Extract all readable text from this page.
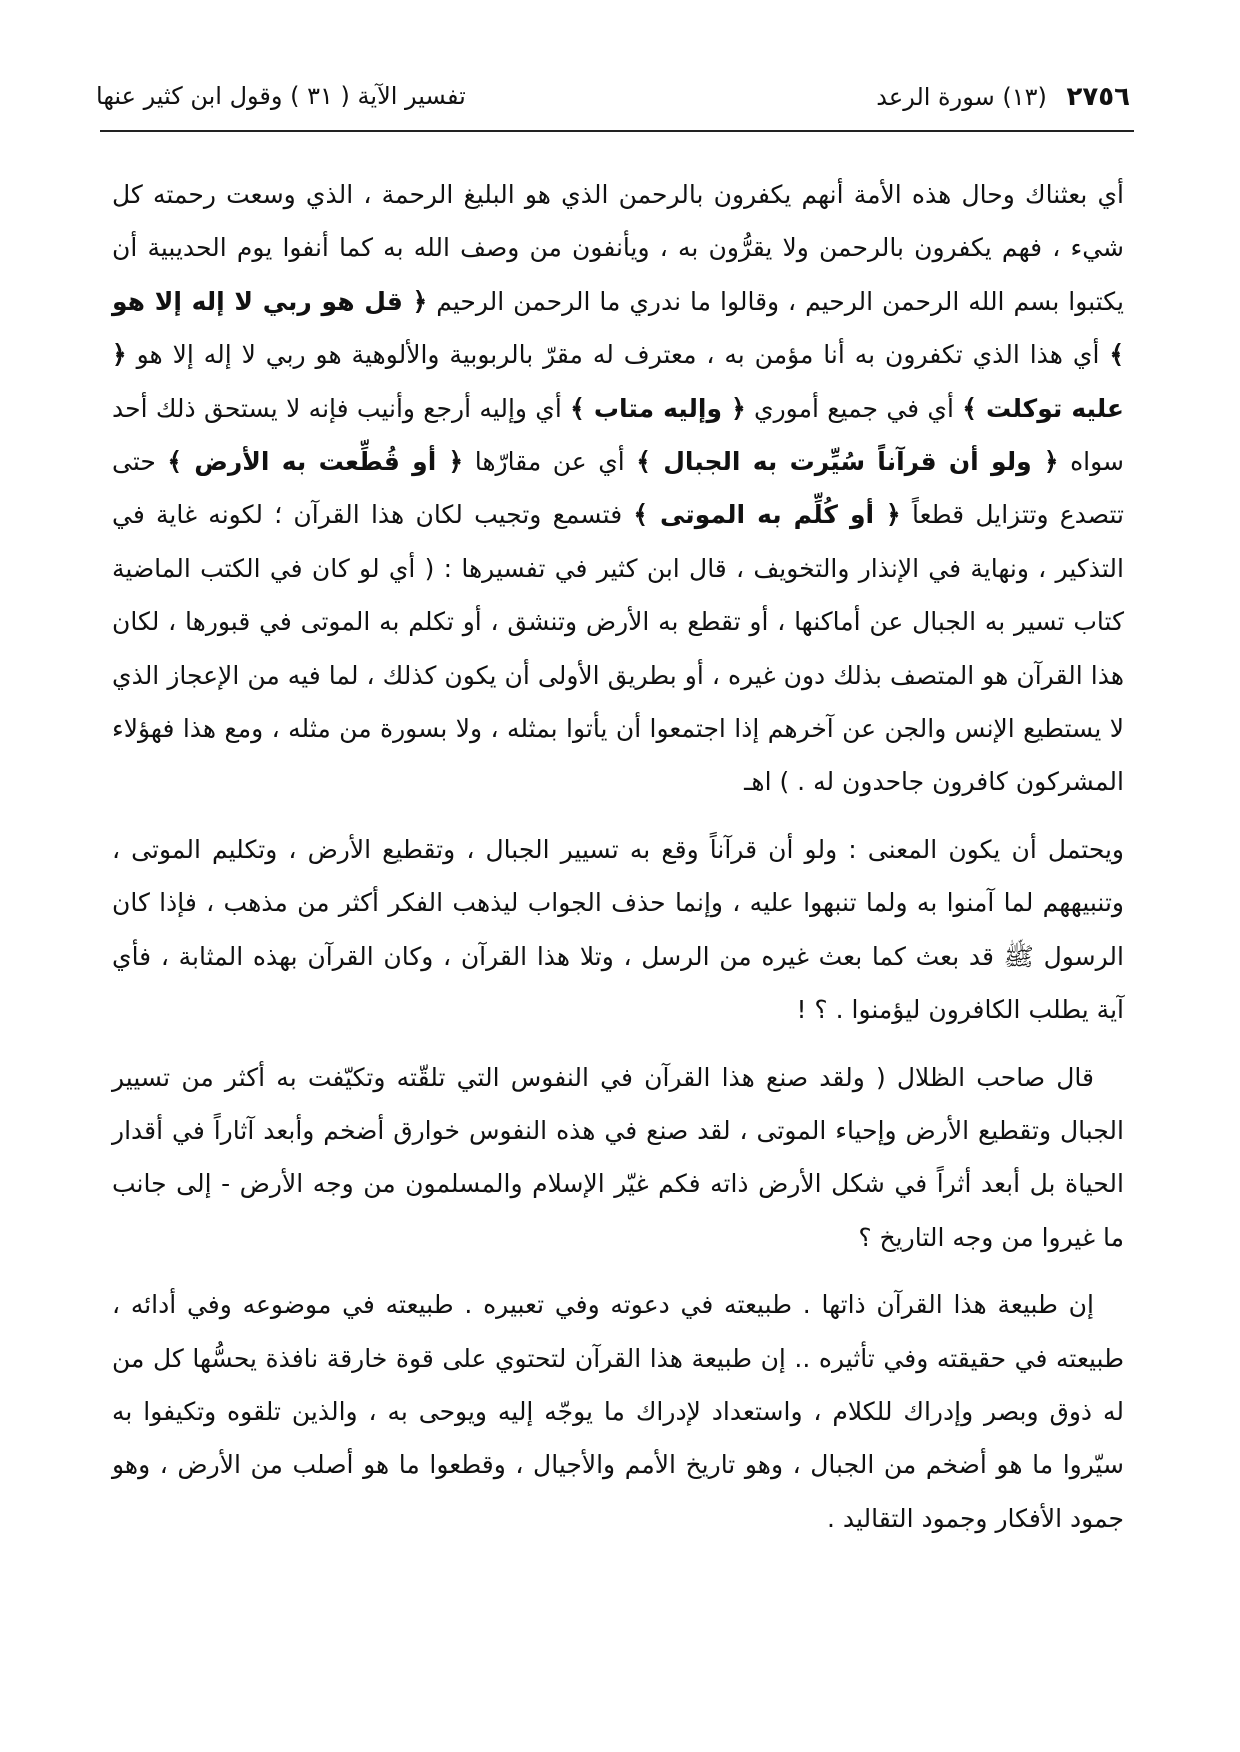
٢٧٥٦ (١٣) سورة الرعد
تفسير الآية ( ٣١ ) وقول ابن كثير عنها

أي بعثناك وحال هذه الأمة أنهم يكفرون بالرحمن الذي هو البليغ الرحمة ، الذي وسعت رحمته كل شيء ، فهم يكفرون بالرحمن ولا يقرُّون به ، ويأنفون من وصف الله به كما أنفوا يوم الحديبية أن يكتبوا بسم الله الرحمن الرحيم ، وقالوا ما ندري ما الرحمن الرحيم ﴿ قل هو ربي لا إله إلا هو ﴾ أي هذا الذي تكفرون به أنا مؤمن به ، معترف له مقرّ بالربوبية والألوهية هو ربي لا إله إلا هو ﴿ عليه توكلت ﴾ أي في جميع أموري ﴿ وإليه متاب ﴾ أي وإليه أرجع وأنيب فإنه لا يستحق ذلك أحد سواه ﴿ ولو أن قرآناً سُيِّرت به الجبال ﴾ أي عن مقارّها ﴿ أو قُطِّعت به الأرض ﴾ حتى تتصدع وتتزايل قطعاً ﴿ أو كُلِّم به الموتى ﴾ فتسمع وتجيب لكان هذا القرآن ؛ لكونه غاية في التذكير ، ونهاية في الإنذار والتخويف ، قال ابن كثير في تفسيرها : ( أي لو كان في الكتب الماضية كتاب تسير به الجبال عن أماكنها ، أو تقطع به الأرض وتنشق ، أو تكلم به الموتى في قبورها ، لكان هذا القرآن هو المتصف بذلك دون غيره ، أو بطريق الأولى أن يكون كذلك ، لما فيه من الإعجاز الذي لا يستطيع الإنس والجن عن آخرهم إذا اجتمعوا أن يأتوا بمثله ، ولا بسورة من مثله ، ومع هذا فهؤلاء المشركون كافرون جاحدون له . ) اهـ

ويحتمل أن يكون المعنى : ولو أن قرآناً وقع به تسيير الجبال ، وتقطيع الأرض ، وتكليم الموتى ، وتنبيههم لما آمنوا به ولما تنبهوا عليه ، وإنما حذف الجواب ليذهب الفكر أكثر من مذهب ، فإذا كان الرسول ﷺ قد بعث كما بعث غيره من الرسل ، وتلا هذا القرآن ، وكان القرآن بهذه المثابة ، فأي آية يطلب الكافرون ليؤمنوا . ؟ !

قال صاحب الظلال ( ولقد صنع هذا القرآن في النفوس التي تلقّته وتكيّفت به أكثر من تسيير الجبال وتقطيع الأرض وإحياء الموتى ، لقد صنع في هذه النفوس خوارق أضخم وأبعد آثاراً في أقدار الحياة بل أبعد أثراً في شكل الأرض ذاته فكم غيّر الإسلام والمسلمون من وجه الأرض - إلى جانب ما غيروا من وجه التاريخ ؟

إن طبيعة هذا القرآن ذاتها . طبيعته في دعوته وفي تعبيره . طبيعته في موضوعه وفي أدائه ، طبيعته في حقيقته وفي تأثيره .. إن طبيعة هذا القرآن لتحتوي على قوة خارقة نافذة يحسُّها كل من له ذوق وبصر وإدراك للكلام ، واستعداد لإدراك ما يوجّه إليه ويوحى به ، والذين تلقوه وتكيفوا به سيّروا ما هو أضخم من الجبال ، وهو تاريخ الأمم والأجيال ، وقطعوا ما هو أصلب من الأرض ، وهو جمود الأفكار وجمود التقاليد .
